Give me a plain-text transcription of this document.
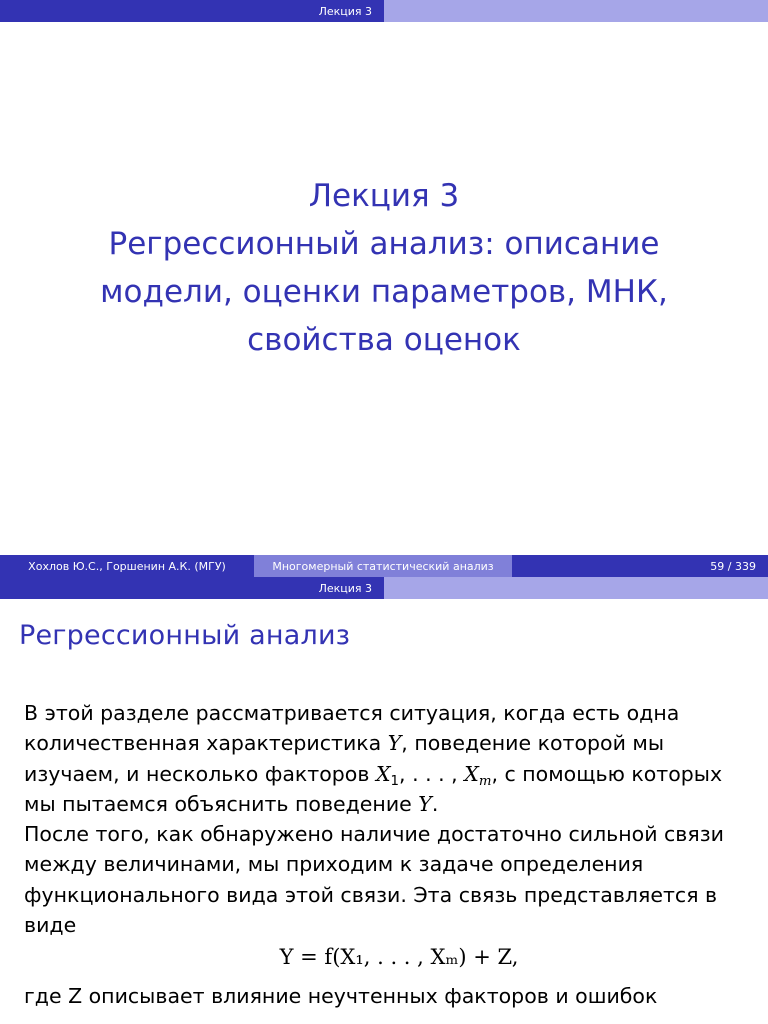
Лекция 3
Лекция 3
Регрессионный анализ: описание
модели, оценки параметров, МНК,
свойства оценок
Хохлов Ю.С., Горшенин А.К. (МГУ)	Многомерный статистический анализ	59 / 339
Лекция 3
Регрессионный анализ
В этой разделе рассматривается ситуация, когда есть одна количественная характеристика Y, поведение которой мы изучаем, и несколько факторов $X_1$, . . . , $X_m$, с помощью которых мы пытаемся объяснить поведение Y.
После того, как обнаружено наличие достаточно сильной связи между величинами, мы приходим к задаче определения функционального вида этой связи. Эта связь представляется в виде
Y = f(X₁, . . . , Xₘ) + Z,
где Z описывает влияние неучтенных факторов и ошибок
